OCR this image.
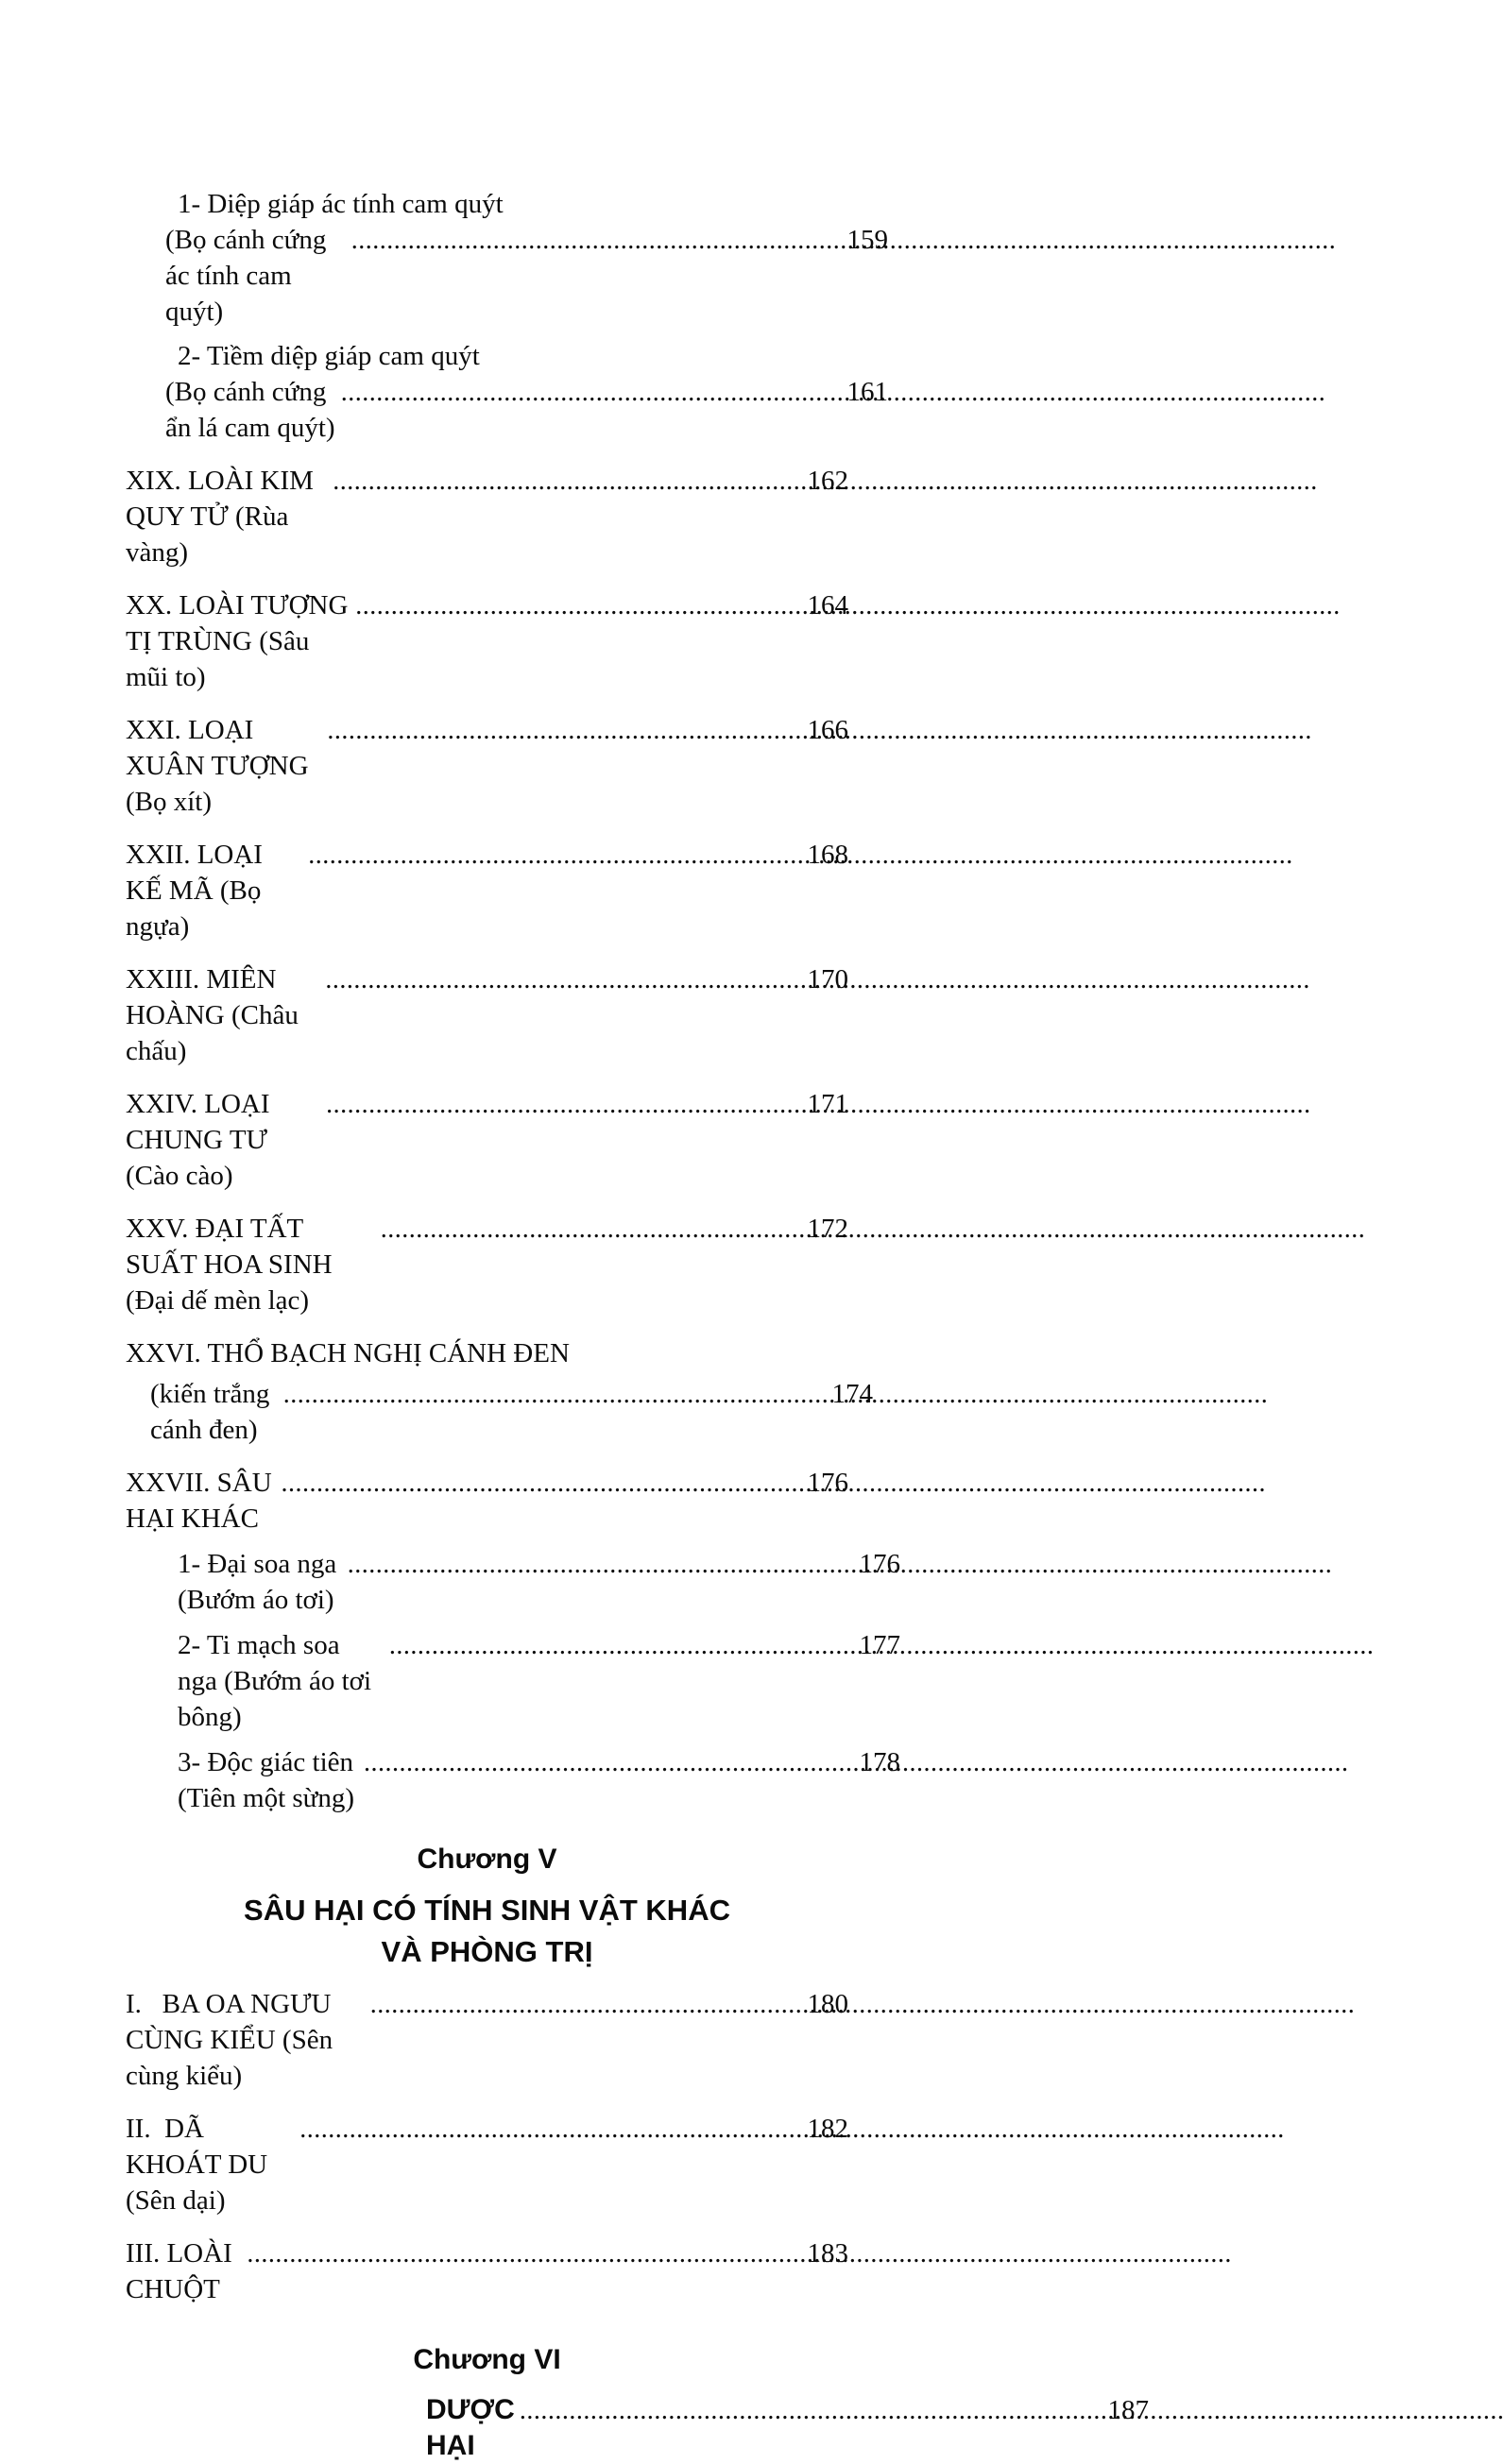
1- Diệp giáp ác tính cam quýt
(Bọ cánh cứng ác tính cam quýt)
.....
159
2- Tiềm diệp giáp cam quýt
(Bọ cánh cứng ẩn lá cam quýt)
.....
161
XIX. LOÀI KIM QUY TỬ (Rùa vàng)
.....
162
XX. LOÀI TƯỢNG TỊ TRÙNG (Sâu mũi to)
.....
164
XXI. LOẠI XUÂN TƯỢNG (Bọ xít)
.....
166
XXII. LOẠI KẾ MÃ (Bọ ngựa)
.....
168
XXIII. MIÊN HOÀNG (Châu chấu)
.....
170
XXIV. LOẠI CHUNG TƯ (Cào cào)
.....
171
XXV. ĐẠI TẤT SUẤT HOA SINH (Đại dế mèn lạc)
.....
172
XXVI. THỔ BẠCH NGHỊ CÁNH ĐEN
(kiến trắng cánh đen)
.....
174
XXVII. SÂU HẠI KHÁC
.....
176
1- Đại soa nga (Bướm áo tơi)
.....
176
2- Ti mạch soa nga (Bướm áo tơi bông)
.....
177
3- Độc giác tiên (Tiên một sừng)
.....
178
Chương V
SÂU HẠI CÓ TÍNH SINH VẬT KHÁC
VÀ PHÒNG TRỊ
I.   BA OA NGƯU CÙNG KIỂU (Sên cùng kiểu)
.....
180
II.  DÃ KHOÁT DU (Sên dại)
.....
182
III. LOÀI CHUỘT
.....
183
Chương VI
DƯỢC HẠI
.....
187
